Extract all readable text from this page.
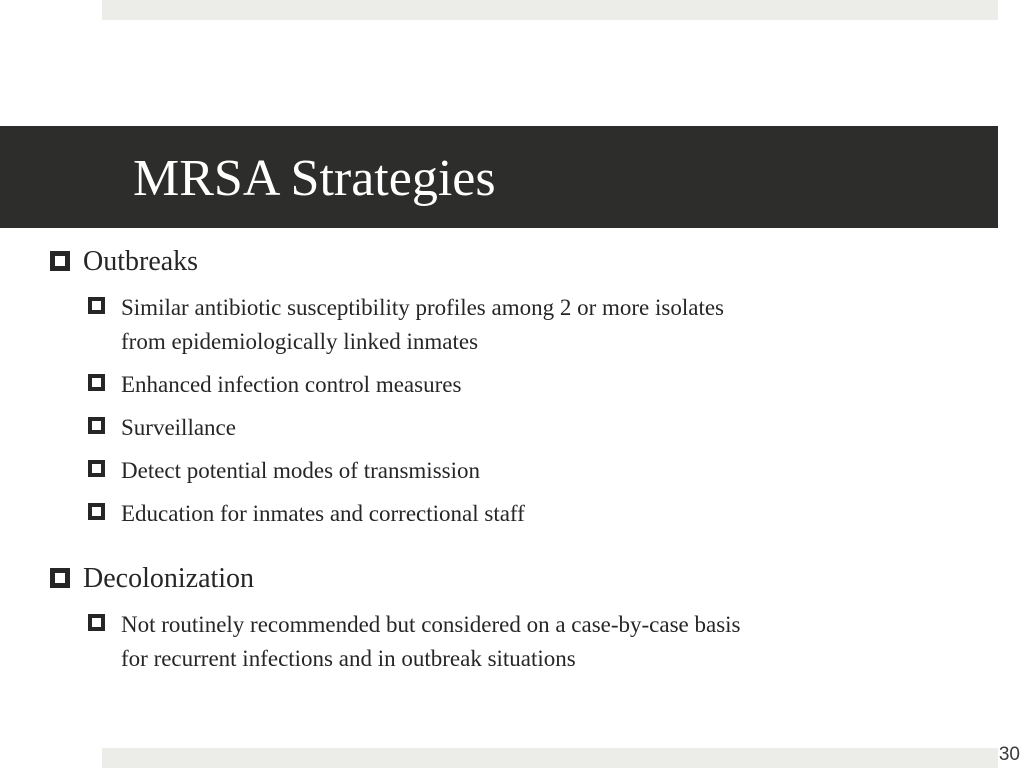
MRSA Strategies
Outbreaks
Similar antibiotic susceptibility profiles among 2 or more isolates
from epidemiologically linked inmates
Enhanced infection control measures
Surveillance
Detect potential modes of transmission
Education for inmates and correctional staff
Decolonization
Not routinely recommended but considered on a case-by-case basis
for recurrent infections and in outbreak situations
30
